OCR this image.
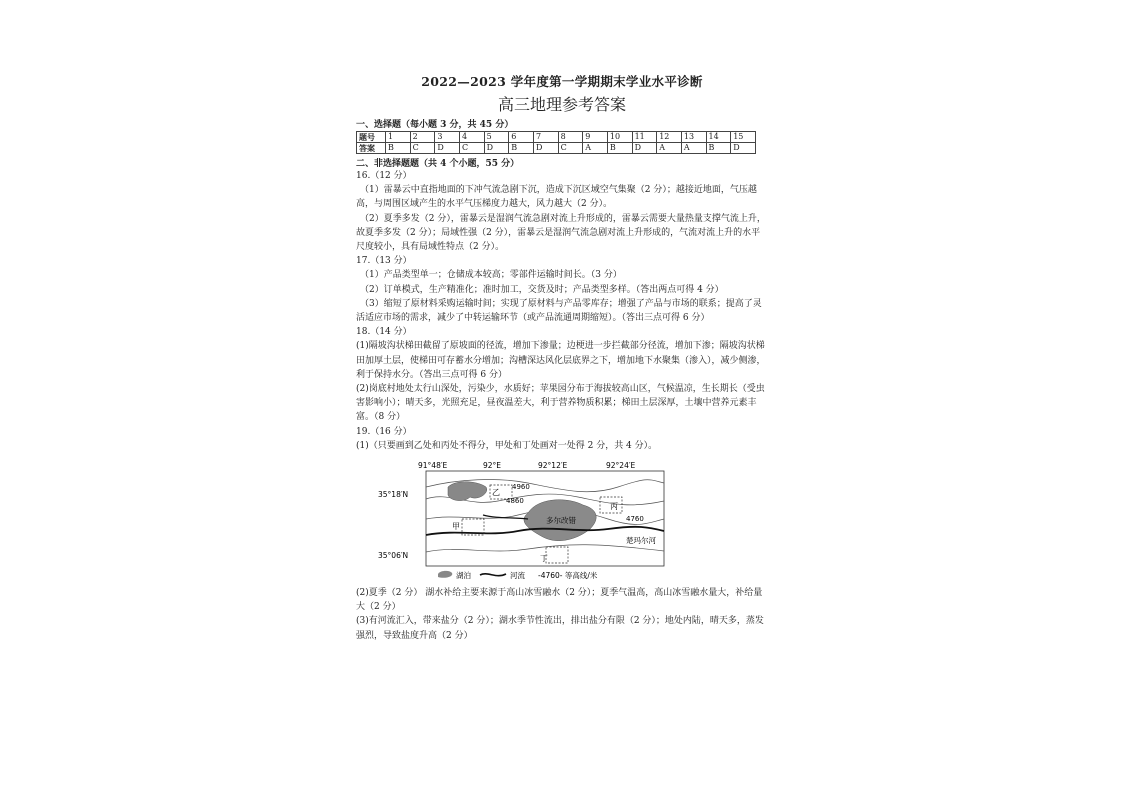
2022—2023 学年度第一学期期末学业水平诊断
高三地理参考答案
一、选择题（每小题 3 分，共 45 分）
题号	1	2	3	4	5	6	7	8	9	10	11	12	13	14	15
答案	B	C	D	C	D	B	D	C	A	B	D	A	A	B	D
二、非选择题题（共 4 个小题，55 分）

16.（12 分）

（1）雷暴云中直指地面的下冲气流急剧下沉，造成下沉区域空气集聚（2 分）；越接近地面，气压越高，与周围区域产生的水平气压梯度力越大，风力越大（2 分）。

（2）夏季多发（2 分），雷暴云是湿润气流急剧对流上升形成的，雷暴云需要大量热量支撑气流上升，故夏季多发（2 分）；局域性强（2 分），雷暴云是湿润气流急剧对流上升形成的，气流对流上升的水平尺度较小，具有局域性特点（2 分）。

17.（13 分）

（1）产品类型单一；仓储成本较高；零部件运输时间长。（3 分）

（2）订单模式，生产精准化；准时加工，交货及时；产品类型多样。（答出两点可得 4 分）

（3）缩短了原材料采购运输时间；实现了原材料与产品零库存；增强了产品与市场的联系；提高了灵活适应市场的需求，减少了中转运输环节（或产品流通周期缩短）。（答出三点可得 6 分）

18.（14 分）

(1)隔坡沟状梯田截留了原坡面的径流，增加下渗量；边梗进一步拦截部分径流，增加下渗；隔坡沟状梯田加厚土层，使梯田可存蓄水分增加；沟槽深达风化层底界之下，增加地下水聚集（渗入），减少侧渗，利于保持水分。（答出三点可得 6 分）

(2)岗底村地处太行山深处，污染少，水质好；苹果园分布于海拔较高山区，气候温凉，生长期长（受虫害影响小）；晴天多，光照充足，昼夜温差大，利于营养物质积累；梯田土层深厚，土壤中营养元素丰富。（8 分）

19.（16 分）

(1)（只要画到乙处和丙处不得分，甲处和丁处画对一处得 2 分，共 4 分）。

91°48′E	92°E	92°12′E	92°24′E
35°18′N
35°06′N
4960
4860
4760
乙
丙
甲
丁
多尔改错
楚玛尔河
湖泊	河流 -4760- 等高线/米

(2)夏季（2 分） 湖水补给主要来源于高山冰雪融水（2 分）；夏季气温高，高山冰雪融水量大，补给量大（2 分）

(3)有河流汇入，带来盐分（2 分）；湖水季节性流出，排出盐分有限（2 分）；地处内陆，晴天多，蒸发强烈，导致盐度升高（2 分）
